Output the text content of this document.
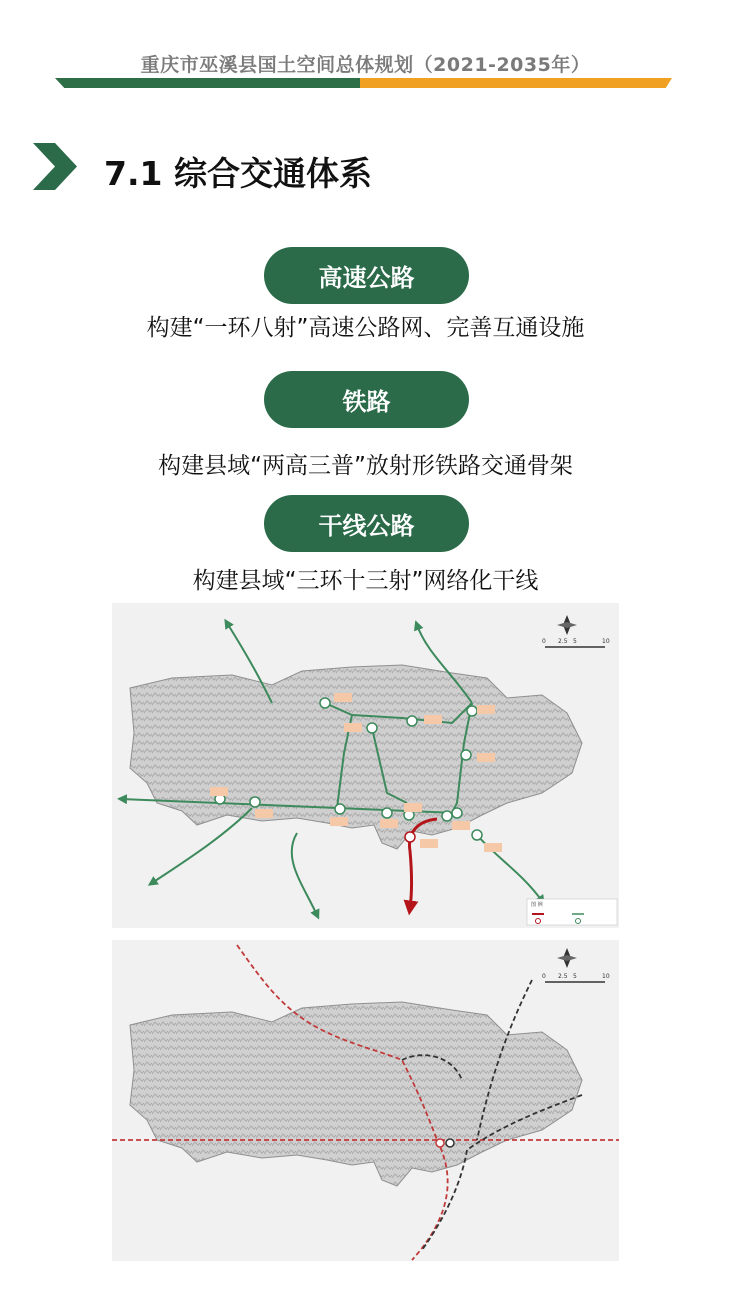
重庆市巫溪县国土空间总体规划（2021-2035年）
7.1 综合交通体系
高速公路
构建“一环八射”高速公路网、完善互通设施
铁路
构建县域“两高三普”放射形铁路交通骨架
干线公路
构建县域“三环十三射”网络化干线
0 2.5 5	10
图 例
0 2.5 5	10
